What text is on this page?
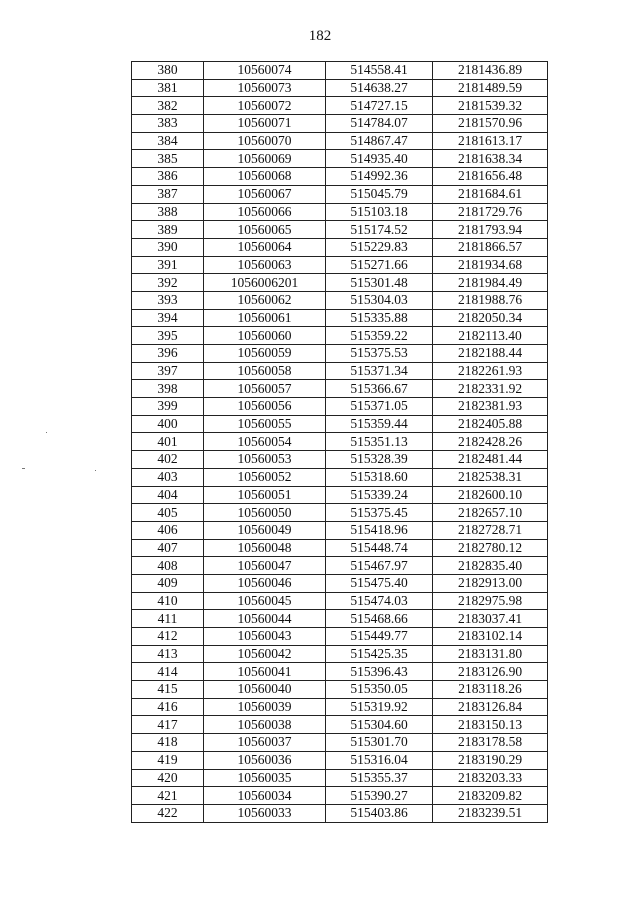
182
380	10560074	514558.41	2181436.89
381	10560073	514638.27	2181489.59
382	10560072	514727.15	2181539.32
383	10560071	514784.07	2181570.96
384	10560070	514867.47	2181613.17
385	10560069	514935.40	2181638.34
386	10560068	514992.36	2181656.48
387	10560067	515045.79	2181684.61
388	10560066	515103.18	2181729.76
389	10560065	515174.52	2181793.94
390	10560064	515229.83	2181866.57
391	10560063	515271.66	2181934.68
392	1056006201	515301.48	2181984.49
393	10560062	515304.03	2181988.76
394	10560061	515335.88	2182050.34
395	10560060	515359.22	2182113.40
396	10560059	515375.53	2182188.44
397	10560058	515371.34	2182261.93
398	10560057	515366.67	2182331.92
399	10560056	515371.05	2182381.93
400	10560055	515359.44	2182405.88
401	10560054	515351.13	2182428.26
402	10560053	515328.39	2182481.44
403	10560052	515318.60	2182538.31
404	10560051	515339.24	2182600.10
405	10560050	515375.45	2182657.10
406	10560049	515418.96	2182728.71
407	10560048	515448.74	2182780.12
408	10560047	515467.97	2182835.40
409	10560046	515475.40	2182913.00
410	10560045	515474.03	2182975.98
411	10560044	515468.66	2183037.41
412	10560043	515449.77	2183102.14
413	10560042	515425.35	2183131.80
414	10560041	515396.43	2183126.90
415	10560040	515350.05	2183118.26
416	10560039	515319.92	2183126.84
417	10560038	515304.60	2183150.13
418	10560037	515301.70	2183178.58
419	10560036	515316.04	2183190.29
420	10560035	515355.37	2183203.33
421	10560034	515390.27	2183209.82
422	10560033	515403.86	2183239.51
